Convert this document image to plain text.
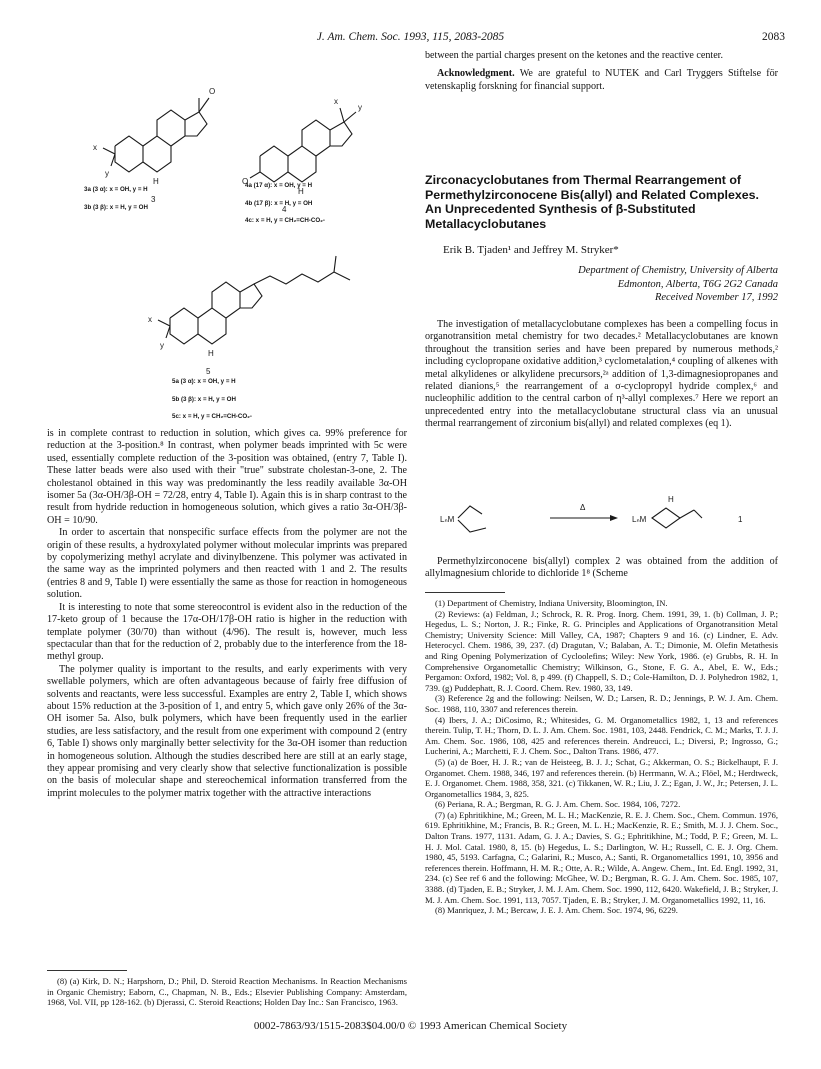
J. Am. Chem. Soc. 1993, 115, 2083-2085	2083
O
x
y
H
3
O
x
y
H
4
x
y
H
5
3a (3 α): x = OH, y = H
3b (3 β): x = H, y = OH
4a (17 α): x = OH, y = H
4b (17 β): x = H, y = OH
4c: x = H, y = CH₂=CH-CO₂-
5a (3 α): x = OH, y = H
5b (3 β): x = H, y = OH
5c: x = H, y = CH₂=CH-CO₂-

is in complete contrast to reduction in solution, which gives ca. 99% preference for reduction at the 3-position.⁸ In contrast, when polymer beads imprinted with 5c were used, essentially complete reduction of the 3-position was obtained, (entry 7, Table I). These latter beads were also used with their "true" substrate cholestan-3-one, 2. The cholestanol obtained in this way was predominantly the less readily available 3α-OH isomer 5a (3α-OH/3β-OH = 72/28, entry 4, Table I). Again this is in sharp contrast to the result from hydride reduction in homogeneous solution, which gives a ratio 3α-OH/3β-OH = 10/90.

In order to ascertain that nonspecific surface effects from the polymer are not the origin of these results, a hydroxylated polymer without molecular imprints was prepared by copolymerizing methyl acrylate and divinylbenzene. This polymer was activated in the same way as the imprinted polymers and then reacted with 1 and 2. The results (entries 8 and 9, Table I) were essentially the same as those for reaction in homogeneous solution.

It is interesting to note that some stereocontrol is evident also in the reduction of the 17-keto group of 1 because the 17α-OH/17β-OH ratio is higher in the reduction with template polymer (30/70) than without (4/96). The result is, however, much less spectacular than that for the reduction of 2, probably due to the interference from the 18-methyl group.

The polymer quality is important to the results, and early experiments with very swellable polymers, which are often advantageous because of fairly free diffusion of solvents and reactants, were less successful. Examples are entry 2, Table I, which shows about 15% reduction at the 3-position of 1, and entry 5, which gave only 26% of the 3α-OH isomer 5a. Also, bulk polymers, which have been frequently used in the earlier studies, are less satisfactory, and the result from one experiment with compound 2 (entry 6, Table I) shows only marginally better selectivity for the 3α-OH isomer than reduction in homogeneous solution. Although the studies described here are still at an early stage, they appear promising and very clearly show that selective functionalization is possible on the basis of molecular shape and stereochemical information transferred from the imprint molecules to the polymer matrix together with the attractive interactions

(8) (a) Kirk, D. N.; Harpshorn, D.; Phil, D. Steroid Reaction Mechanisms. In Reaction Mechanisms in Organic Chemistry; Eaborn, C., Chapman, N. B., Eds.; Elsevier Publishing Company: Amsterdam, 1968, Vol. VII, pp 128-162. (b) Djerassi, C. Steroid Reactions; Holden Day Inc.: San Francisco, 1963.

between the partial charges present on the ketones and the reactive center.

Acknowledgment. We are grateful to NUTEK and Carl Tryggers Stiftelse för vetenskaplig forskning for financial support.

Zirconacyclobutanes from Thermal Rearrangement of Permethylzirconocene Bis(allyl) and Related Complexes. An Unprecedented Synthesis of β-Substituted Metallacyclobutanes
Erik B. Tjaden¹ and Jeffrey M. Stryker*
Department of Chemistry, University of Alberta
Edmonton, Alberta, T6G 2G2 Canada
Received November 17, 1992

The investigation of metallacyclobutane complexes has been a compelling focus in organotransition metal chemistry for two decades.² Metallacyclobutanes are known throughout the transition series and have been prepared by numerous methods,² including cyclopropane oxidative addition,³ cyclometalation,⁴ coupling of alkenes with metal alkylidenes or alkylidene precursors,²ᵃ addition of 1,3-dimagnesiopropanes and related dianions,⁵ the rearrangement of a σ-cyclopropyl hydride complex,⁶ and nucleophilic addition to the central carbon of η³-allyl complexes.⁷ Here we report an unprecedented entry into the metallacyclobutane structural class via an unusual thermal rearrangement of zirconium bis(allyl) and related complexes (eq 1).

LₙM
Δ
LₙM
H
1

Permethylzirconocene bis(allyl) complex 2 was obtained from the addition of allylmagnesium chloride to dichloride 1⁸ (Scheme

(1) Department of Chemistry, Indiana University, Bloomington, IN.

(2) Reviews: (a) Feldman, J.; Schrock, R. R. Prog. Inorg. Chem. 1991, 39, 1. (b) Collman, J. P.; Hegedus, L. S.; Norton, J. R.; Finke, R. G. Principles and Applications of Organotransition Metal Chemistry; University Science: Mill Valley, CA, 1987; Chapters 9 and 16. (c) Lindner, E. Adv. Heterocycl. Chem. 1986, 39, 237. (d) Dragutan, V.; Balaban, A. T.; Dimonie, M. Olefin Metathesis and Ring Opening Polymerization of Cycloolefins; Wiley: New York, 1986. (e) Grubbs, R. H. In Comprehensive Organometallic Chemistry; Wilkinson, G., Stone, F. G. A., Abel, E. W., Eds.; Pergamon: Oxford, 1982; Vol. 8, p 499. (f) Chappell, S. D.; Cole-Hamilton, D. J. Polyhedron 1982, 1, 739. (g) Puddephatt, R. J. Coord. Chem. Rev. 1980, 33, 149.

(3) Reference 2g and the following: Neilsen, W. D.; Larsen, R. D.; Jennings, P. W. J. Am. Chem. Soc. 1988, 110, 3307 and references therein.

(4) Ibers, J. A.; DiCosimo, R.; Whitesides, G. M. Organometallics 1982, 1, 13 and references therein. Tulip, T. H.; Thorn, D. L. J. Am. Chem. Soc. 1981, 103, 2448. Fendrick, C. M.; Marks, T. J. J. Am. Chem. Soc. 1986, 108, 425 and references therein. Andreucci, L.; Diversi, P.; Ingrosso, G.; Lucherini, A.; Marchetti, F. J. Chem. Soc., Dalton Trans. 1986, 477.

(5) (a) de Boer, H. J. R.; van de Heisteeg, B. J. J.; Schat, G.; Akkerman, O. S.; Bickelhaupt, F. J. Organomet. Chem. 1988, 346, 197 and references therein. (b) Herrmann, W. A.; Flöel, M.; Herdtweck, E. J. Organomet. Chem. 1988, 358, 321. (c) Tikkanen, W. R.; Liu, J. Z.; Egan, J. W., Jr.; Petersen, J. L. Organometallics 1984, 3, 825.

(6) Periana, R. A.; Bergman, R. G. J. Am. Chem. Soc. 1984, 106, 7272.

(7) (a) Ephritikhine, M.; Green, M. L. H.; MacKenzie, R. E. J. Chem. Soc., Chem. Commun. 1976, 619. Ephritikhine, M.; Francis, B. R.; Green, M. L. H.; MacKenzie, R. E.; Smith, M. J. J. Chem. Soc., Dalton Trans. 1977, 1131. Adam, G. J. A.; Davies, S. G.; Ephritikhine, M.; Todd, P. F.; Green, M. L. H. J. Mol. Catal. 1980, 8, 15. (b) Hegedus, L. S.; Darlington, W. H.; Russell, C. E. J. Org. Chem. 1980, 45, 5193. Carfagna, C.; Galarini, R.; Musco, A.; Santi, R. Organometallics 1991, 10, 3956 and references therein. Hoffmann, H. M. R.; Otte, A. R.; Wilde, A. Angew. Chem., Int. Ed. Engl. 1992, 31, 234. (c) See ref 6 and the following: McGhee, W. D.; Bergman, R. G. J. Am. Chem. Soc. 1985, 107, 3388. (d) Tjaden, E. B.; Stryker, J. M. J. Am. Chem. Soc. 1990, 112, 6420. Wakefield, J. B.; Stryker, J. M. J. Am. Chem. Soc. 1991, 113, 7057. Tjaden, E. B.; Stryker, J. M. Organometallics 1992, 11, 16.

(8) Manriquez, J. M.; Bercaw, J. E. J. Am. Chem. Soc. 1974, 96, 6229.

0002-7863/93/1515-2083$04.00/0 © 1993 American Chemical Society
